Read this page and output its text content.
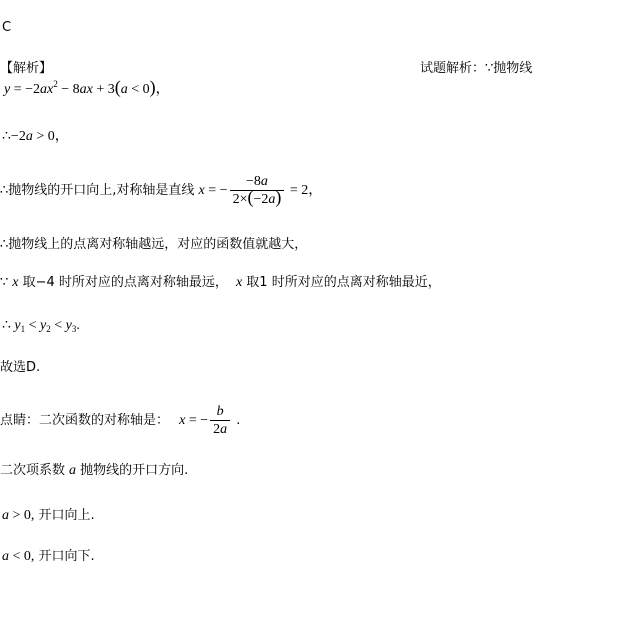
C
【解析】	试题解析：∵抛物线
$y = -2ax^2 - 8ax + 3(a < 0)$，
∴−2a > 0，
∴抛物线的开口向上,对称轴是直线 x = − $\frac{-8a}{2\times(-2a)} = 2$，
∴抛物线上的点离对称轴越远，对应的函数值就越大，
∵ x 取−4 时所对应的点离对称轴最远， x 取1 时所对应的点离对称轴最近，
∴ $y_1 < y_2 < y_3$.
故选D.
点睛：二次函数的对称轴是： x = − $\frac{b}{2a}$ .
二次项系数 a 抛物线的开口方向.
a > 0, 开口向上.
a < 0, 开口向下.
